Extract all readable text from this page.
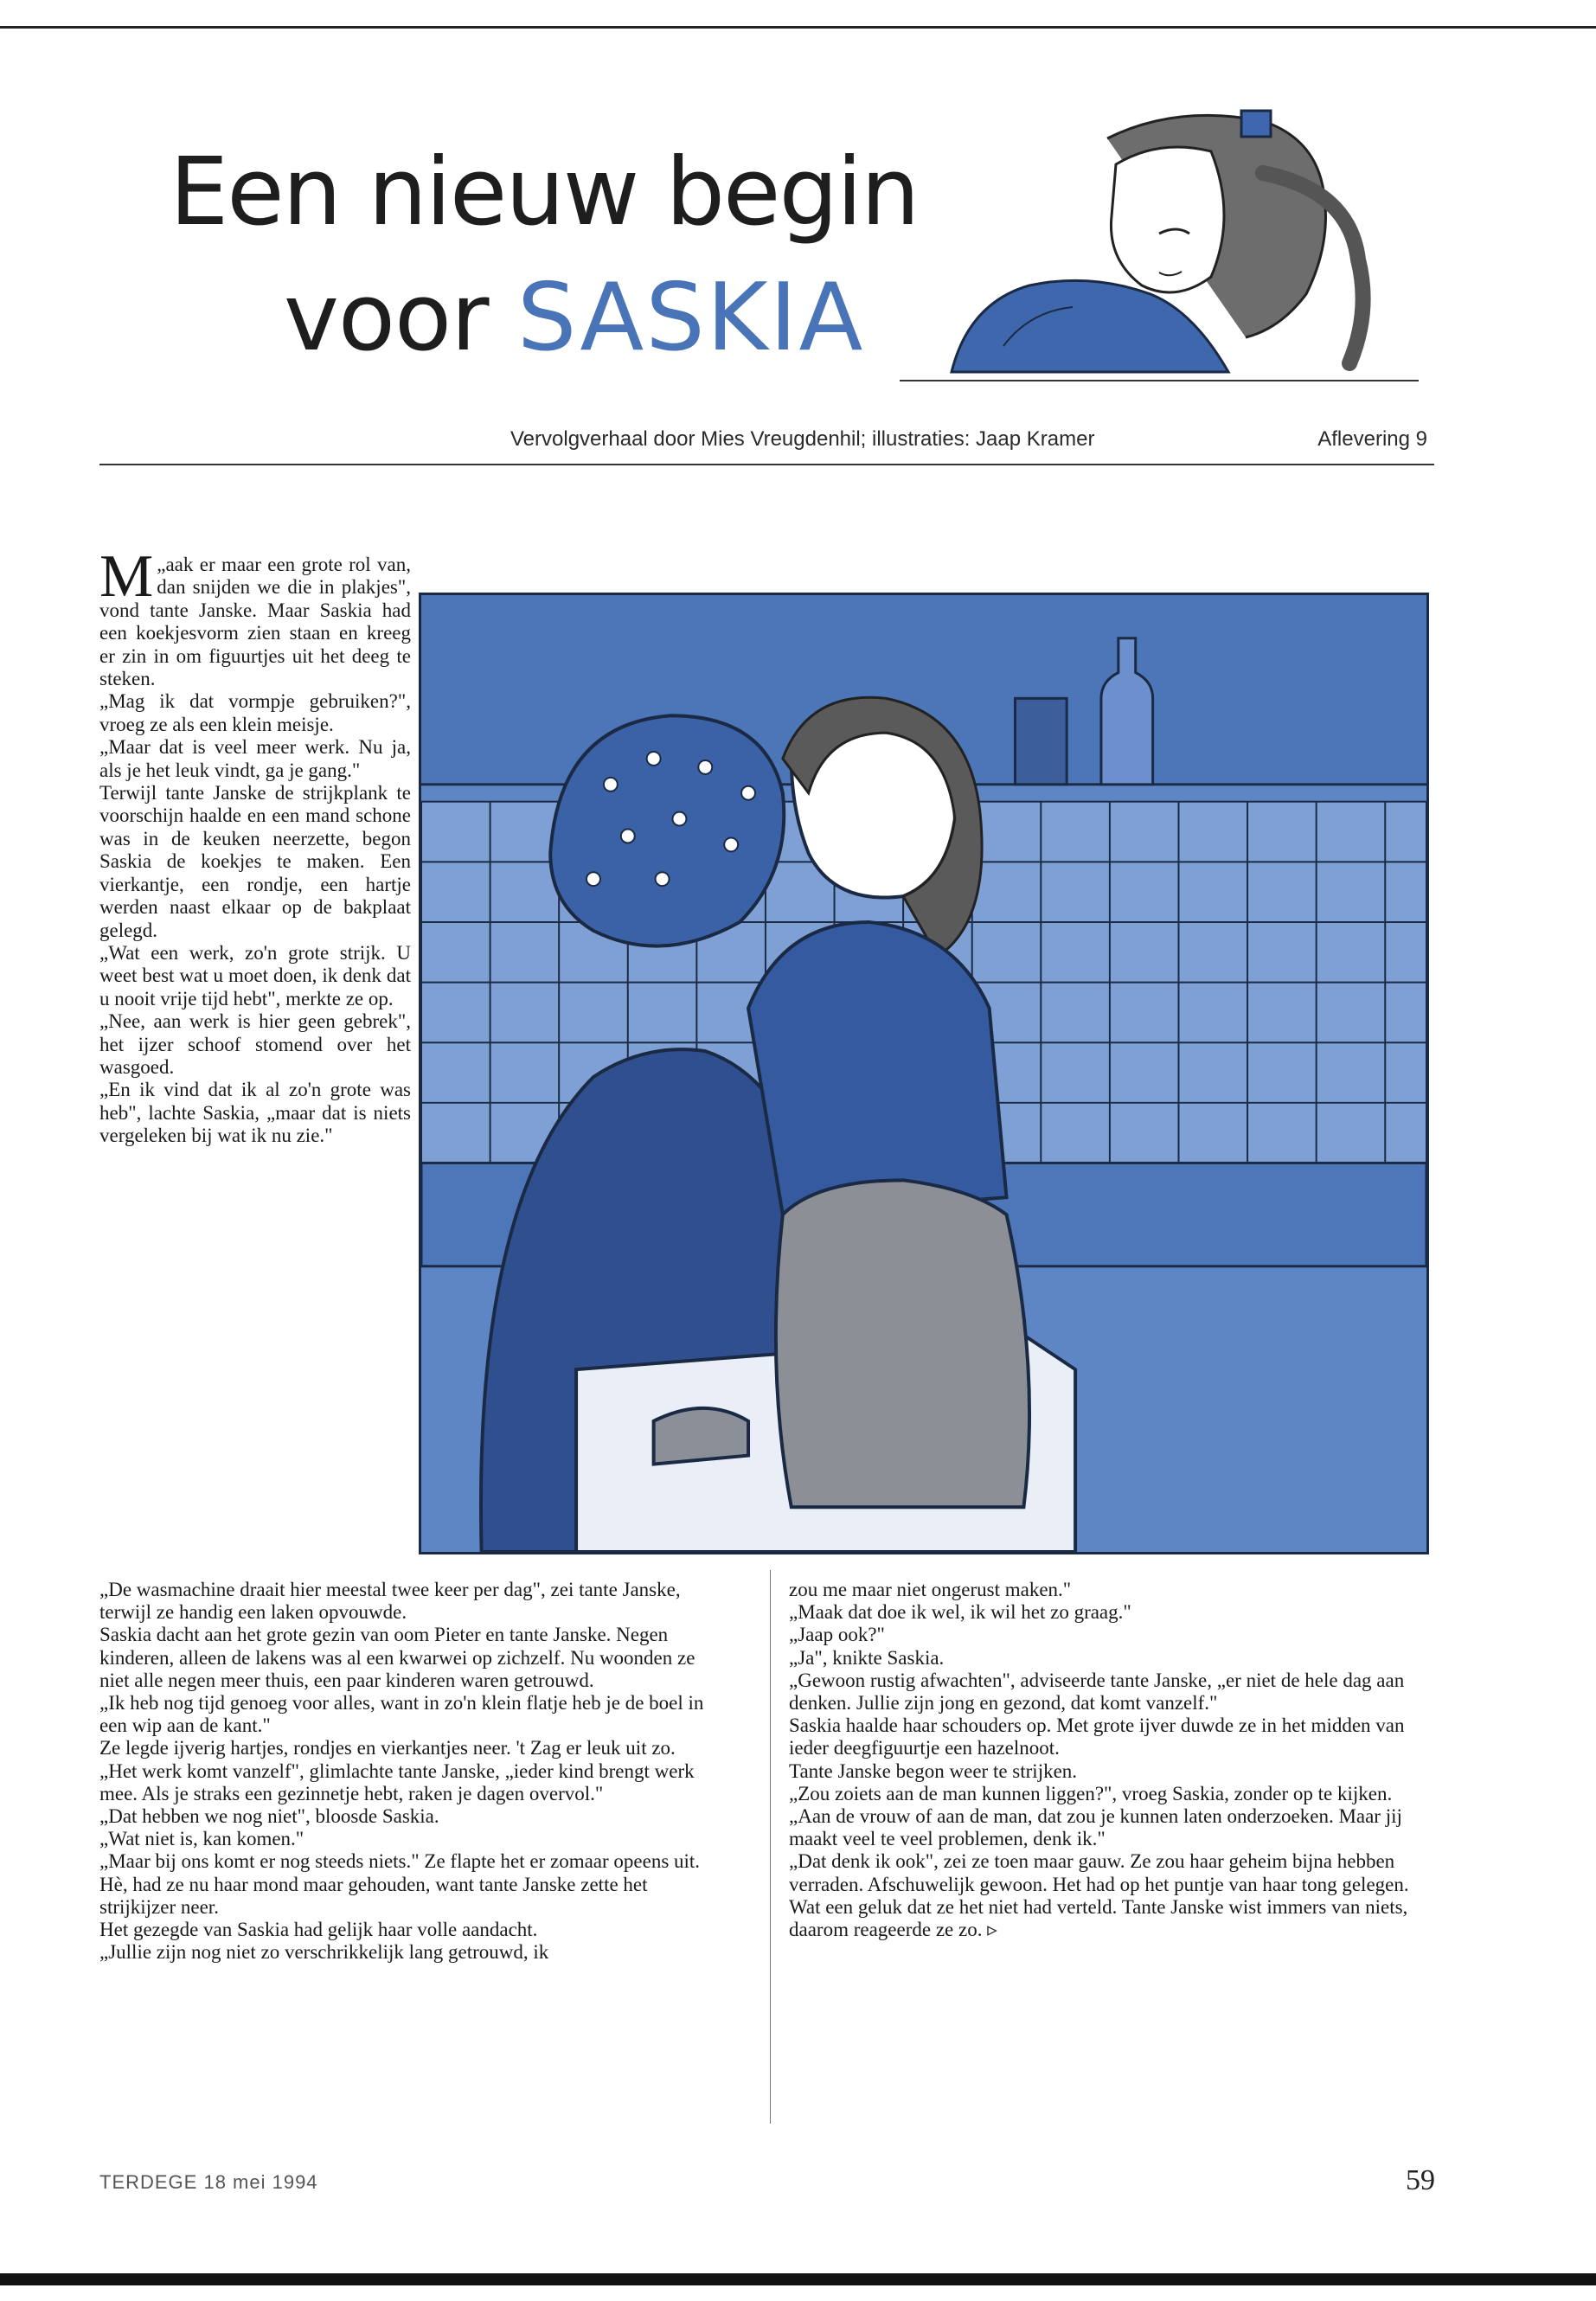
Een nieuw begin
voor SASKIA
Vervolgverhaal door Mies Vreugdenhil; illustraties: Jaap Kramer	Aflevering 9

„
M aak er maar een grote rol van, dan snijden we die in plakjes", vond tante Janske. Maar Saskia had een koekjesvorm zien staan en kreeg er zin in om figuurtjes uit het deeg te steken.

„Mag ik dat vormpje gebruiken?", vroeg ze als een klein meisje.

„Maar dat is veel meer werk. Nu ja, als je het leuk vindt, ga je gang."

Terwijl tante Janske de strijkplank te voorschijn haalde en een mand schone was in de keuken neerzette, begon Saskia de koekjes te maken. Een vierkantje, een rondje, een hartje werden naast elkaar op de bakplaat gelegd.

„Wat een werk, zo'n grote strijk. U weet best wat u moet doen, ik denk dat u nooit vrije tijd hebt", merkte ze op.

„Nee, aan werk is hier geen gebrek", het ijzer schoof stomend over het wasgoed.

„En ik vind dat ik al zo'n grote was heb", lachte Saskia, „maar dat is niets vergeleken bij wat ik nu zie."

„De wasmachine draait hier meestal twee keer per dag", zei tante Janske, terwijl ze handig een laken opvouwde.

Saskia dacht aan het grote gezin van oom Pieter en tante Janske. Negen kinderen, alleen de lakens was al een kwarwei op zichzelf. Nu woonden ze niet alle negen meer thuis, een paar kinderen waren getrouwd.

„Ik heb nog tijd genoeg voor alles, want in zo'n klein flatje heb je de boel in een wip aan de kant."

Ze legde ijverig hartjes, rondjes en vierkantjes neer. 't Zag er leuk uit zo.

„Het werk komt vanzelf", glimlachte tante Janske, „ieder kind brengt werk mee. Als je straks een gezinnetje hebt, raken je dagen overvol."

„Dat hebben we nog niet", bloosde Saskia.

„Wat niet is, kan komen."

„Maar bij ons komt er nog steeds niets." Ze flapte het er zomaar opeens uit. Hè, had ze nu haar mond maar gehouden, want tante Janske zette het strijkijzer neer.

Het gezegde van Saskia had gelijk haar volle aandacht.

„Jullie zijn nog niet zo verschrikkelijk lang getrouwd, ik

zou me maar niet ongerust maken."

„Maak dat doe ik wel, ik wil het zo graag."

„Jaap ook?"

„Ja", knikte Saskia.

„Gewoon rustig afwachten", adviseerde tante Janske, „er niet de hele dag aan denken. Jullie zijn jong en gezond, dat komt vanzelf."

Saskia haalde haar schouders op. Met grote ijver duwde ze in het midden van ieder deegfiguurtje een hazelnoot.

Tante Janske begon weer te strijken.

„Zou zoiets aan de man kunnen liggen?", vroeg Saskia, zonder op te kijken.

„Aan de vrouw of aan de man, dat zou je kunnen laten onderzoeken. Maar jij maakt veel te veel problemen, denk ik."

„Dat denk ik ook", zei ze toen maar gauw. Ze zou haar geheim bijna hebben verraden. Afschuwelijk gewoon. Het had op het puntje van haar tong gelegen. Wat een geluk dat ze het niet had verteld. Tante Janske wist immers van niets, daarom reageerde ze zo. ▹

TERDEGE 18 mei 1994	59
